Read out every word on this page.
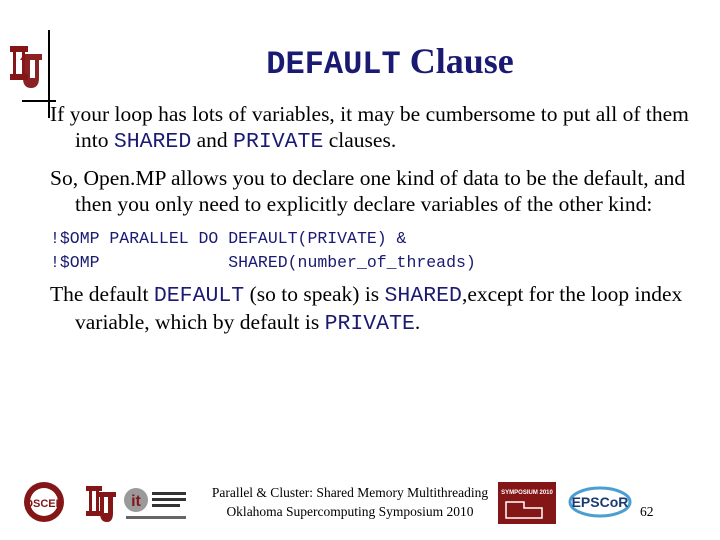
DEFAULT Clause

If your loop has lots of variables, it may be cumbersome to put all of them into SHARED and PRIVATE clauses.

So, Open.MP allows you to declare one kind of data to be the default, and then you only need to explicitly declare variables of the other kind:

!$OMP PARALLEL DO DEFAULT(PRIVATE) &
!$OMP             SHARED(number_of_threads)

The default DEFAULT (so to speak) is SHARED,except for the loop index variable, which by default is PRIVATE.

OSCER	it
Parallel & Cluster: Shared Memory Multithreading
Oklahoma Supercomputing Symposium 2010
SYMPOSIUM 2010
EPSCoR
62
